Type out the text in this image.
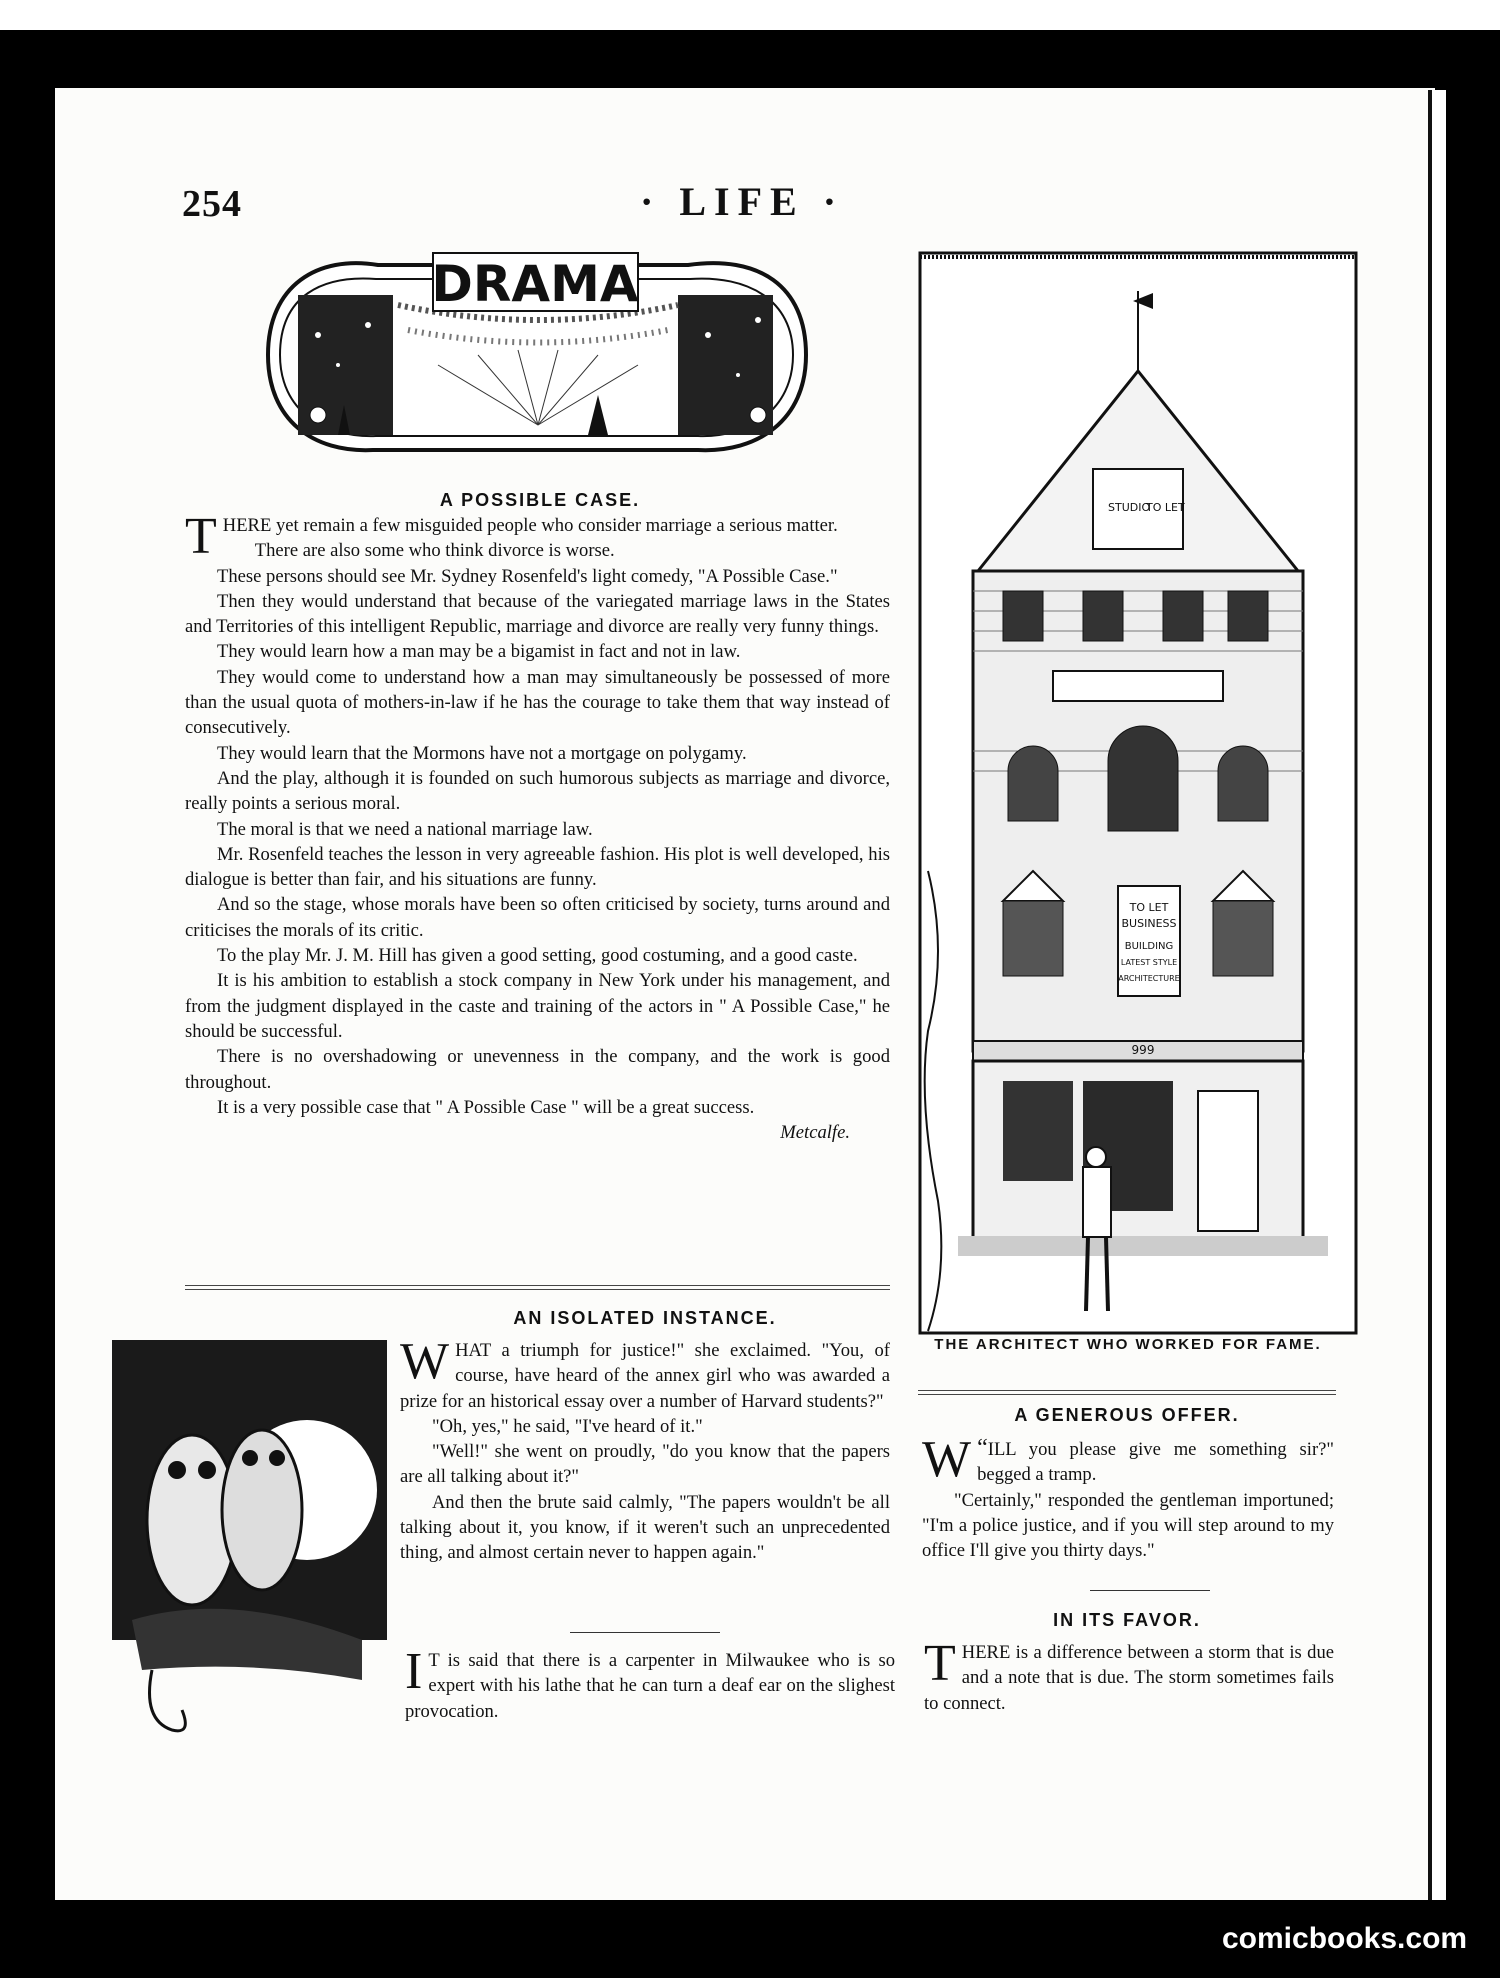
254	· LIFE ·
DRAMA
A POSSIBLE CASE.

THERE yet remain a few misguided people who consider marriage a serious matter.

There are also some who think divorce is worse.

These persons should see Mr. Sydney Rosenfeld's light comedy, "A Possible Case."

Then they would understand that because of the variegated marriage laws in the States and Territories of this intelligent Republic, marriage and divorce are really very funny things.

They would learn how a man may be a bigamist in fact and not in law.

They would come to understand how a man may simultaneously be possessed of more than the usual quota of mothers-in-law if he has the courage to take them that way instead of consecutively.

They would learn that the Mormons have not a mortgage on polygamy.

And the play, although it is founded on such humorous subjects as marriage and divorce, really points a serious moral.

The moral is that we need a national marriage law.

Mr. Rosenfeld teaches the lesson in very agreeable fashion. His plot is well developed, his dialogue is better than fair, and his situations are funny.

And so the stage, whose morals have been so often criticised by society, turns around and criticises the morals of its critic.

To the play Mr. J. M. Hill has given a good setting, good costuming, and a good caste.

It is his ambition to establish a stock company in New York under his management, and from the judgment displayed in the caste and training of the actors in " A Possible Case," he should be successful.

There is no overshadowing or unevenness in the company, and the work is good throughout.

It is a very possible case that " A Possible Case " will be a great success.

Metcalfe.
AN ISOLATED INSTANCE.

WHAT a triumph for justice!" she exclaimed. "You, of course, have heard of the annex girl who was awarded a prize for an historical essay over a number of Harvard students?"

"Oh, yes," he said, "I've heard of it."

"Well!" she went on proudly, "do you know that the papers are all talking about it?"

And then the brute said calmly, "The papers wouldn't be all talking about it, you know, if it weren't such an unprecedented thing, and almost certain never to happen again."

I T is said that there is a carpenter in Milwaukee who is so expert with his lathe that he can turn a deaf ear on the slighest provocation.

STUDIO
TO LET
TO LET
BUSINESS
BUILDING
LATEST STYLE
ARCHITECTURE
999
THE ARCHITECT WHO WORKED FOR FAME.
A GENEROUS OFFER.

“
W ILL you please give me something sir?" begged a tramp.

"Certainly," responded the gentleman importuned; "I'm a police justice, and if you will step around to my office I'll give you thirty days."

IN ITS FAVOR.

THERE is a difference between a storm that is due and a note that is due. The storm sometimes fails to connect.

comicbooks.com
